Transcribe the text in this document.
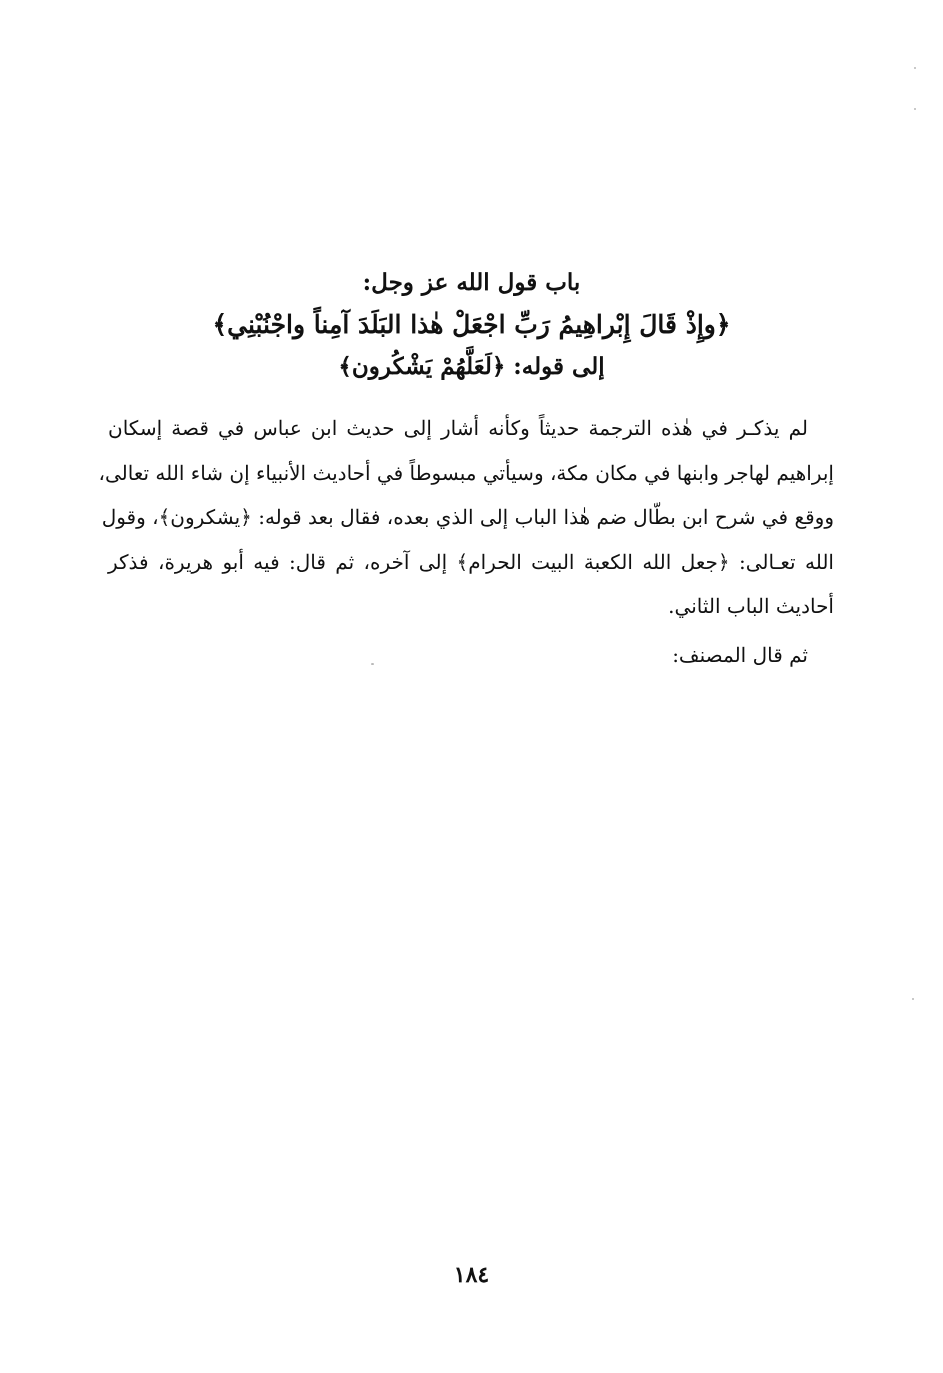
باب قول الله عز وجل:
﴿وإِذْ قَالَ إِبْراهِيمُ رَبِّ اجْعَلْ هٰذا البَلَدَ آمِناً واجْنُبْنِي﴾
إلى قوله: ﴿لَعَلَّهُمْ يَشْكُرون﴾
لم يذكـر في هٰذه الترجمة حديثاً وكأنه أشار إلى حديث ابن عباس في قصة إسكان
إبراهيم لهاجر وابنها في مكان مكة، وسيأتي مبسوطاً في أحاديث الأنبياء إن شاء الله تعالى،
ووقع في شرح ابن بطّال ضم هٰذا الباب إلى الذي بعده، فقال بعد قوله: ﴿يشكرون﴾، وقول
الله تعـالى: ﴿جعل الله الكعبة البيت الحرام﴾ إلى آخره، ثم قال: فيه أبو هريرة، فذكر
أحاديث الباب الثاني.
ثم قال المصنف:
١٨٤
